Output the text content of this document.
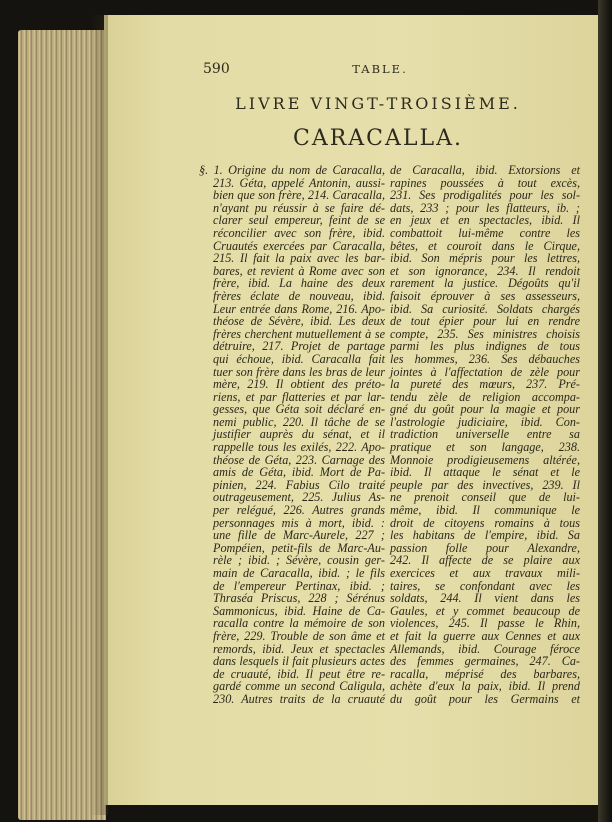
590	TABLE.
LIVRE VINGT-TROISIÈME.
CARACALLA.
§. 1. Origine du nom de Caracalla,
213. Géta, appelé Antonin, aussi-
bien que son frère, 214. Caracalla,
n'ayant pu réussir à se faire dé-
clarer seul empereur, feint de se
réconcilier avec son frère, ibid.
Cruautés exercées par Caracalla,
215. Il fait la paix avec les bar-
bares, et revient à Rome avec son
frère, ibid. La haine des deux
frères éclate de nouveau, ibid.
Leur entrée dans Rome, 216. Apo-
théose de Sévère, ibid. Les deux
frères cherchent mutuellement à se
détruire, 217. Projet de partage
qui échoue, ibid. Caracalla fait
tuer son frère dans les bras de leur
mère, 219. Il obtient des préto-
riens, et par flatteries et par lar-
gesses, que Géta soit déclaré en-
nemi public, 220. Il tâche de se
justifier auprès du sénat, et il
rappelle tous les exilés, 222. Apo-
théose de Géta, 223. Carnage des
amis de Géta, ibid. Mort de Pa-
pinien, 224. Fabius Cilo traité
outrageusement, 225. Julius As-
per relégué, 226. Autres grands
personnages mis à mort, ibid. :
une fille de Marc-Aurele, 227 ;
Pompéien, petit-fils de Marc-Au-
rèle ; ibid. ; Sévère, cousin ger-
main de Caracalla, ibid. ; le fils
de l'empereur Pertinax, ibid. ;
Thraséa Priscus, 228 ; Sérénus
Sammonicus, ibid. Haine de Ca-
racalla contre la mémoire de son
frère, 229. Trouble de son âme et
remords, ibid. Jeux et spectacles
dans lesquels il fait plusieurs actes
de cruauté, ibid. Il peut être re-
gardé comme un second Caligula,
230. Autres traits de la cruauté
de Caracalla, ibid. Extorsions et
rapines poussées à tout excès,
231. Ses prodigalités pour les sol-
dats, 233 ; pour les flatteurs, ib. ;
en jeux et en spectacles, ibid. Il
combattoit lui-même contre les
bêtes, et couroit dans le Cirque,
ibid. Son mépris pour les lettres,
et son ignorance, 234. Il rendoit
rarement la justice. Dégoûts qu'il
faisoit éprouver à ses assesseurs,
ibid. Sa curiosité. Soldats chargés
de tout épier pour lui en rendre
compte, 235. Ses ministres choisis
parmi les plus indignes de tous
les hommes, 236. Ses débauches
jointes à l'affectation de zèle pour
la pureté des mœurs, 237. Pré-
tendu zèle de religion accompa-
gné du goût pour la magie et pour
l'astrologie judiciaire, ibid. Con-
tradiction universelle entre sa
pratique et son langage, 238.
Monnoie prodigieusemens altérée,
ibid. Il attaque le sénat et le
peuple par des invectives, 239. Il
ne prenoit conseil que de lui-
même, ibid. Il communique le
droit de citoyens romains à tous
les habitans de l'empire, ibid. Sa
passion folle pour Alexandre,
242. Il affecte de se plaire aux
exercices et aux travaux mili-
taires, se confondant avec les
soldats, 244. Il vient dans les
Gaules, et y commet beaucoup de
violences, 245. Il passe le Rhin,
et fait la guerre aux Cennes et aux
Allemands, ibid. Courage féroce
des femmes germaines, 247. Ca-
racalla, méprisé des barbares,
achète d'eux la paix, ibid. Il prend
du goût pour les Germains et
